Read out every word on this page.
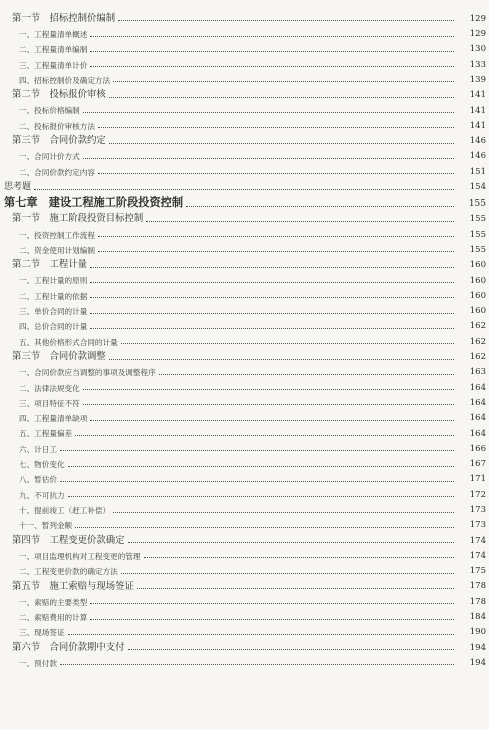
第一节　招标控制价编制	129
一、工程量清单概述	129
二、工程量清单编制	130
三、工程量清单计价	133
四、招标控制价及确定方法	139
第二节　投标报价审核	141
一、投标价格编制	141
二、投标报价审核方法	141
第三节　合同价款约定	146
一、合同计价方式	146
二、合同价款约定内容	151
思考题	154
第七章　建设工程施工阶段投资控制	155
第一节　施工阶段投资目标控制	155
一、投资控制工作流程	155
二、资金使用计划编制	155
第二节　工程计量	160
一、工程计量的原则	160
二、工程计量的依据	160
三、单价合同的计量	160
四、总价合同的计量	162
五、其他价格形式合同的计量	162
第三节　合同价款调整	162
一、合同价款应当调整的事项及调整程序	163
二、法律法规变化	164
三、项目特征不符	164
四、工程量清单缺项	164
五、工程量偏差	164
六、计日工	166
七、物价变化	167
八、暂估价	171
九、不可抗力	172
十、提前竣工（赶工补偿）	173
十一、暂列金额	173
第四节　工程变更价款确定	174
一、项目监理机构对工程变更的管理	174
二、工程变更价款的确定方法	175
第五节　施工索赔与现场签证	178
一、索赔的主要类型	178
二、索赔费用的计算	184
三、现场签证	190
第六节　合同价款期中支付	194
一、预付款	194
